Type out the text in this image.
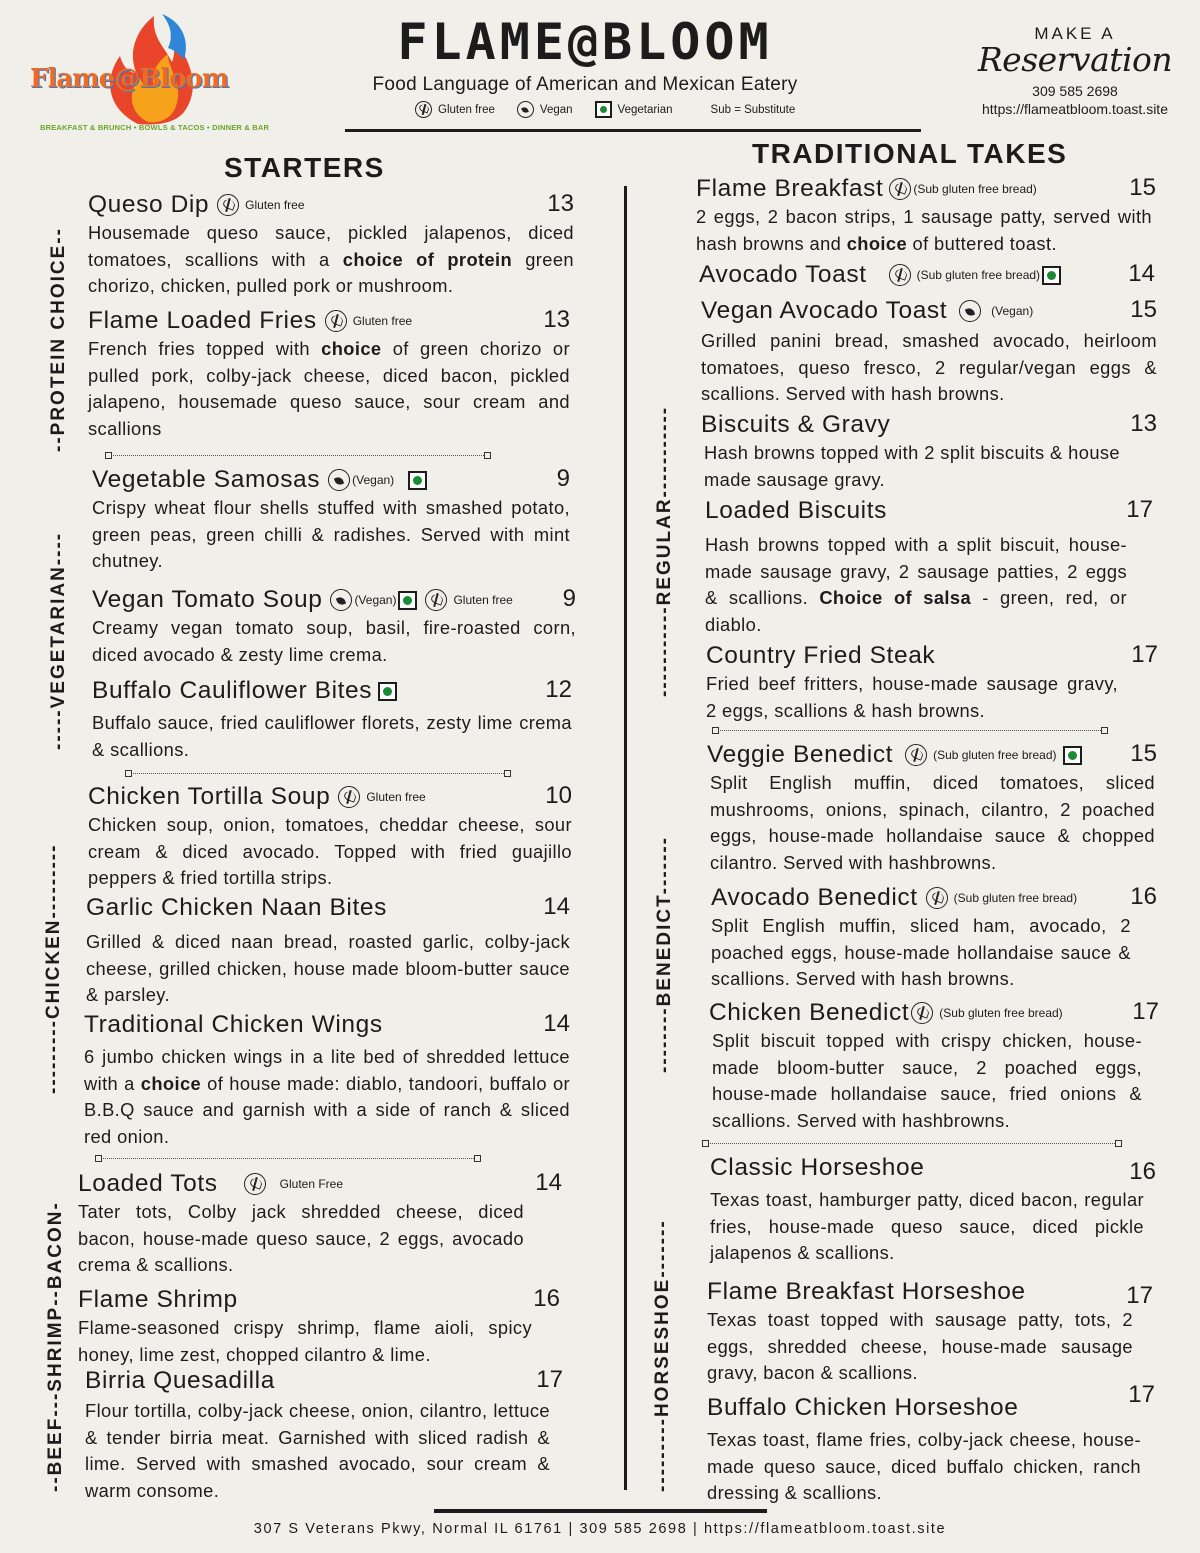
Flame@Bloom
BREAKFAST & BRUNCH • BOWLS & TACOS • DINNER & BAR
FLAME@BLOOM
Food Language of American and Mexican Eatery
Gluten free	Vegan	Vegetarian	Sub = Substitute
MAKE A
Reservation
309 585 2698
https://flameatbloom.toast.site
STARTERS	TRADITIONAL TAKES
--PROTEIN CHOICE--
-----VEGETARIAN----
---------CHICKEN---------
--BEEF---SHRIMP--BACON-
-----------REGULAR-----------
--------BENEDICT-------
---------HORSESHOE-------
Queso Dip	Gluten free	13
Housemade queso sauce, pickled jalapenos, diced tomatoes, scallions with a choice of protein green chorizo, chicken, pulled pork or mushroom.
Flame Loaded Fries	Gluten free	13
French fries topped with choice of green chorizo or pulled pork, colby-jack cheese, diced bacon, pickled jalapeno, housemade queso sauce, sour cream and scallions
Vegetable Samosas	(Vegan)	9
Crispy wheat flour shells stuffed with smashed potato, green peas, green chilli & radishes. Served with mint chutney.
Vegan Tomato Soup	(Vegan)	Gluten free 9
Creamy vegan tomato soup, basil, fire-roasted corn, diced avocado & zesty lime crema.
Buffalo Cauliflower Bites	12
Buffalo sauce, fried cauliflower florets, zesty lime crema & scallions.
Chicken Tortilla Soup	Gluten free	10
Chicken soup, onion, tomatoes, cheddar cheese, sour cream & diced avocado. Topped with fried guajillo peppers & fried tortilla strips.
Garlic Chicken Naan Bites	14
Grilled & diced naan bread, roasted garlic, colby-jack cheese, grilled chicken, house made bloom-butter sauce & parsley.
Traditional Chicken Wings	14
6 jumbo chicken wings in a lite bed of shredded lettuce with a choice of house made: diablo, tandoori, buffalo or B.B.Q sauce and garnish with a side of ranch & sliced red onion.
Loaded Tots	Gluten Free	14
Tater tots, Colby jack shredded cheese, diced bacon, house-made queso sauce, 2 eggs, avocado crema & scallions.
Flame Shrimp	16
Flame-seasoned crispy shrimp, flame aioli, spicy honey, lime zest, chopped cilantro & lime.
Birria Quesadilla	17
Flour tortilla, colby-jack cheese, onion, cilantro, lettuce & tender birria meat. Garnished with sliced radish & lime. Served with smashed avocado, sour cream & warm consome.
Flame Breakfast	(Sub gluten free bread)	15
2 eggs, 2 bacon strips, 1 sausage patty, served with hash browns and choice of buttered toast.
Avocado Toast	(Sub gluten free bread)	14
Vegan Avocado Toast	(Vegan)	15
Grilled panini bread, smashed avocado, heirloom tomatoes, queso fresco, 2 regular/vegan eggs & scallions. Served with hash browns.
Biscuits & Gravy	13
Hash browns topped with 2 split biscuits & house made sausage gravy.
Loaded Biscuits	17
Hash browns topped with a split biscuit, house-made sausage gravy, 2 sausage patties, 2 eggs & scallions. Choice of salsa - green, red, or diablo.
Country Fried Steak	17
Fried beef fritters, house-made sausage gravy, 2 eggs, scallions & hash browns.
Veggie Benedict	(Sub gluten free bread)	15
Split English muffin, diced tomatoes, sliced mushrooms, onions, spinach, cilantro, 2 poached eggs, house-made hollandaise sauce & chopped cilantro. Served with hashbrowns.
Avocado Benedict	(Sub gluten free bread) 16
Split English muffin, sliced ham, avocado, 2 poached eggs, house-made hollandaise sauce & scallions. Served with hash browns.
Chicken Benedict	(Sub gluten free bread)	17
Split biscuit topped with crispy chicken, house-made bloom-butter sauce, 2 poached eggs, house-made hollandaise sauce, fried onions & scallions. Served with hashbrowns.
Classic Horseshoe	16
Texas toast, hamburger patty, diced bacon, regular fries, house-made queso sauce, diced pickle jalapenos & scallions.
Flame Breakfast Horseshoe	17
Texas toast topped with sausage patty, tots, 2 eggs, shredded cheese, house-made sausage gravy, bacon & scallions.
Buffalo Chicken Horseshoe	17
Texas toast, flame fries, colby-jack cheese, house-made queso sauce, diced buffalo chicken, ranch dressing & scallions.
307 S Veterans Pkwy, Normal IL 61761 | 309 585 2698 | https://flameatbloom.toast.site
